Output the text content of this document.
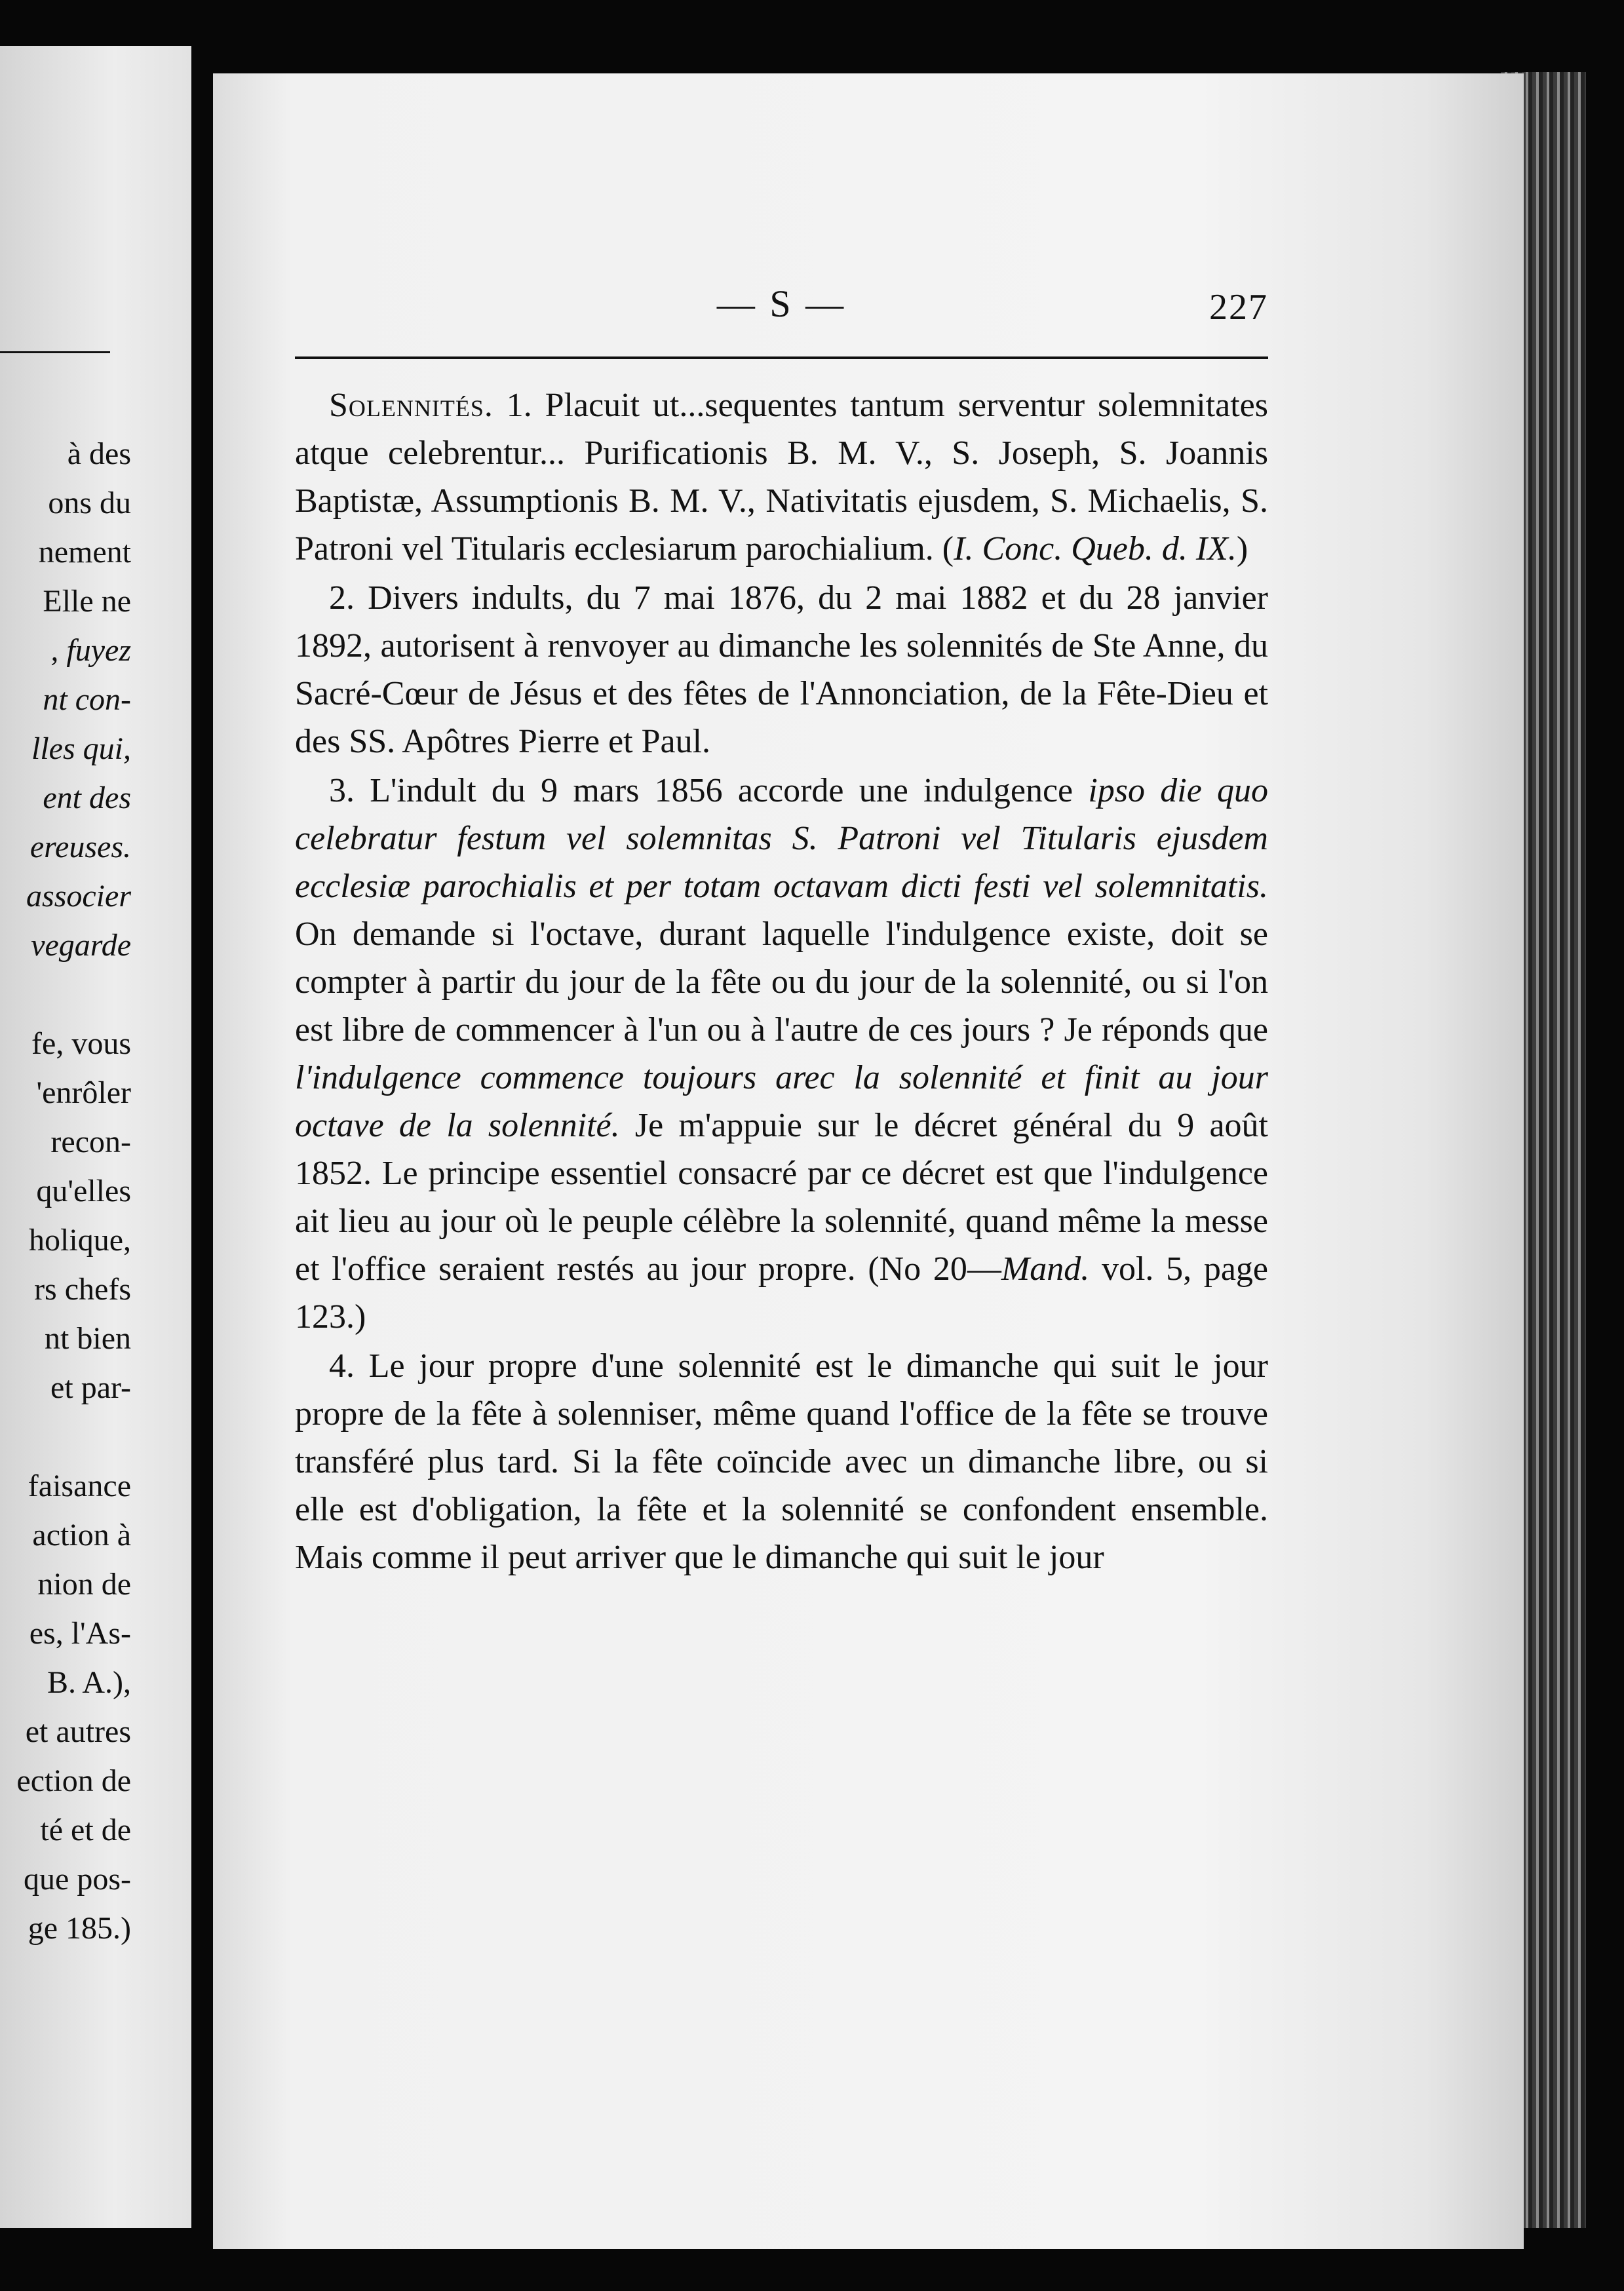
à des
ons du
nement
Elle ne
, fuyez
nt con-
lles qui,
ent des
ereuses.
associer
vegarde
fe, vous
'enrôler
recon-
qu'elles
holique,
rs chefs
nt bien
et par-
faisance
action à
nion de
es, l'As-
B. A.),
et autres
ection de
té et de
que pos-
ge 185.)
— S —	227

Solennités. 1. Placuit ut...sequentes tantum serventur solemnitates atque celebrentur... Purificationis B. M. V., S. Joseph, S. Joannis Baptistæ, Assumptionis B. M. V., Nativitatis ejusdem, S. Michaelis, S. Patroni vel Titularis ecclesiarum parochialium. (I. Conc. Queb. d. IX.)

2. Divers indults, du 7 mai 1876, du 2 mai 1882 et du 28 janvier 1892, autorisent à renvoyer au dimanche les solennités de Ste Anne, du Sacré-Cœur de Jésus et des fêtes de l'Annonciation, de la Fête-Dieu et des SS. Apôtres Pierre et Paul.

3. L'indult du 9 mars 1856 accorde une indulgence ipso die quo celebratur festum vel solemnitas S. Patroni vel Titularis ejusdem ecclesiæ parochialis et per totam octavam dicti festi vel solemnitatis. On demande si l'octave, durant laquelle l'indulgence existe, doit se compter à partir du jour de la fête ou du jour de la solennité, ou si l'on est libre de commencer à l'un ou à l'autre de ces jours ? Je réponds que l'indulgence commence toujours arec la solennité et finit au jour octave de la solennité. Je m'appuie sur le décret général du 9 août 1852. Le principe essentiel consacré par ce décret est que l'indulgence ait lieu au jour où le peuple célèbre la solennité, quand même la messe et l'office seraient restés au jour propre. (No 20—Mand. vol. 5, page 123.)

4. Le jour propre d'une solennité est le dimanche qui suit le jour propre de la fête à solenniser, même quand l'office de la fête se trouve transféré plus tard. Si la fête coïncide avec un dimanche libre, ou si elle est d'obligation, la fête et la solennité se confondent ensemble. Mais comme il peut arriver que le dimanche qui suit le jour
